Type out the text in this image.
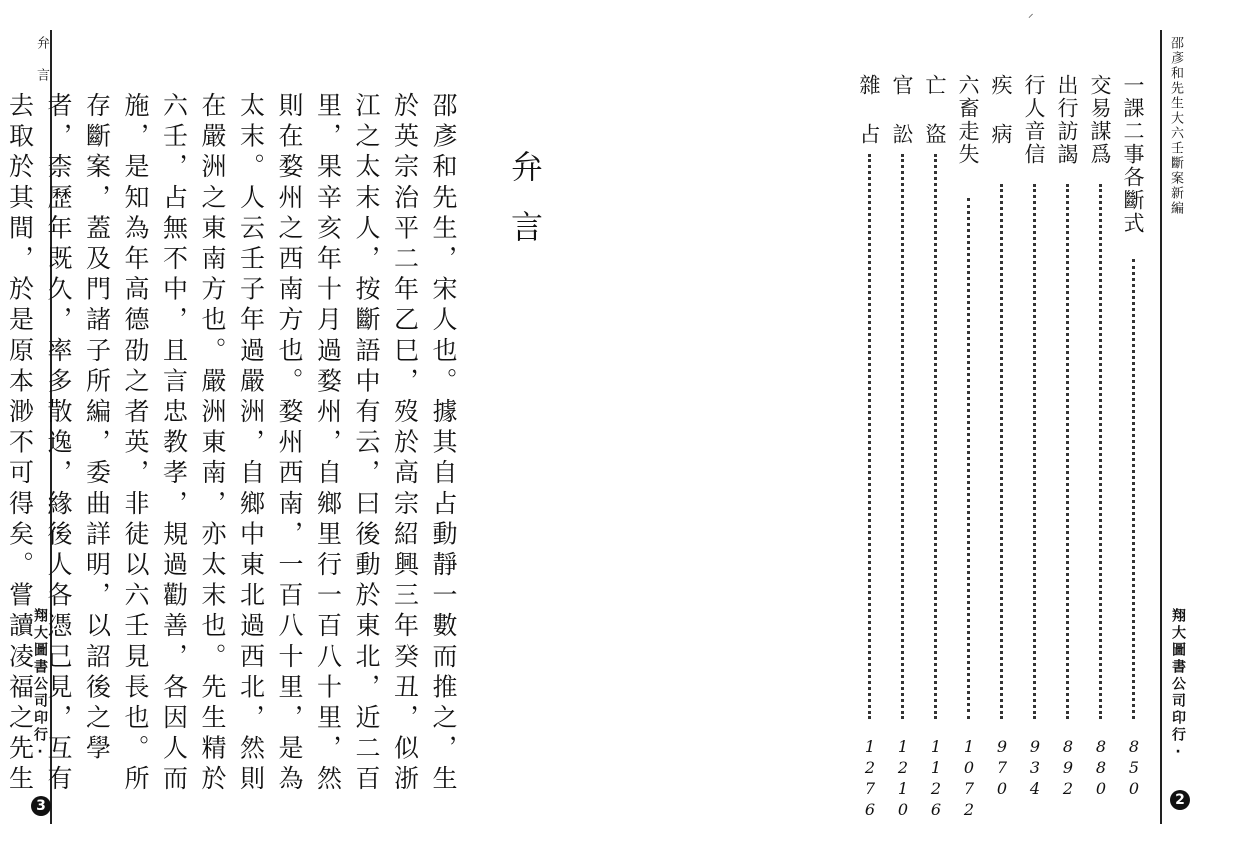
弁 言
翔大圖書公司印行·
3

邵彥和先生，宋人也。據其自占動靜一數而推之，生於英宗治平二年乙巳，歿於高宗紹興三年癸丑，似浙江之太末人，按斷語中有云，曰後動於東北，近二百里，果辛亥年十月過婺州，自鄉里行一百八十里，然則在婺州之西南方也。婺州西南，一百八十里，是為太末。人云壬子年過嚴洲，自鄉中東北過西北，然則在嚴洲之東南方也。嚴洲東南，亦太末也。先生精於六壬，占無不中，且言忠教孝，規過勸善，各因人而施，是知為年高德劭之者英，非徒以六壬見長也。所存斷案，蓋及門諸子所編，委曲詳明，以詔後之學者，柰歷年既久，率多散逸，緣後人各憑己見，互有去取於其間，於是原本渺不可得矣。嘗讀凌福之先生

弁言
⸝
邵彥和先生大六壬斷案新編
翔大圖書公司印行·
2
一課二事各斷式
850
交易謀爲
880
出行訪謁
892
行人音信
934
疾 病
970
六畜走失
1072
亡 盜
1126
官 訟
1210
雜 占
1276
